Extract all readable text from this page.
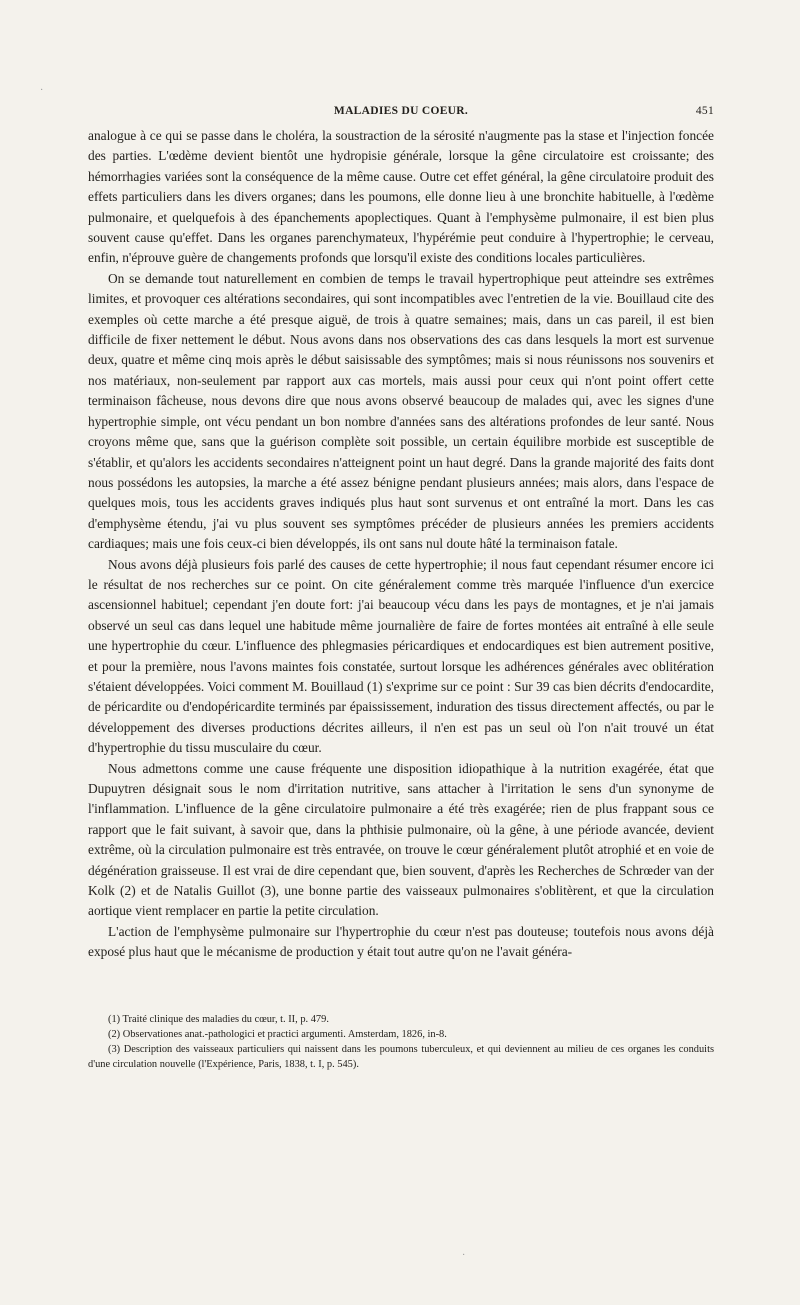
MALADIES DU COEUR.	451

analogue à ce qui se passe dans le choléra, la soustraction de la sérosité n'augmente pas la stase et l'injection foncée des parties. L'œdème devient bientôt une hydropisie générale, lorsque la gêne circulatoire est croissante; des hémorrhagies variées sont la conséquence de la même cause. Outre cet effet général, la gêne circulatoire produit des effets particuliers dans les divers organes; dans les poumons, elle donne lieu à une bronchite habituelle, à l'œdème pulmonaire, et quelquefois à des épanchements apoplectiques. Quant à l'emphysème pulmonaire, il est bien plus souvent cause qu'effet. Dans les organes parenchymateux, l'hypérémie peut conduire à l'hypertrophie; le cerveau, enfin, n'éprouve guère de changements profonds que lorsqu'il existe des conditions locales particulières.

On se demande tout naturellement en combien de temps le travail hypertrophique peut atteindre ses extrêmes limites, et provoquer ces altérations secondaires, qui sont incompatibles avec l'entretien de la vie. Bouillaud cite des exemples où cette marche a été presque aiguë, de trois à quatre semaines; mais, dans un cas pareil, il est bien difficile de fixer nettement le début. Nous avons dans nos observations des cas dans lesquels la mort est survenue deux, quatre et même cinq mois après le début saisissable des symptômes; mais si nous réunissons nos souvenirs et nos matériaux, non-seulement par rapport aux cas mortels, mais aussi pour ceux qui n'ont point offert cette terminaison fâcheuse, nous devons dire que nous avons observé beaucoup de malades qui, avec les signes d'une hypertrophie simple, ont vécu pendant un bon nombre d'années sans des altérations profondes de leur santé. Nous croyons même que, sans que la guérison complète soit possible, un certain équilibre morbide est susceptible de s'établir, et qu'alors les accidents secondaires n'atteignent point un haut degré. Dans la grande majorité des faits dont nous possédons les autopsies, la marche a été assez bénigne pendant plusieurs années; mais alors, dans l'espace de quelques mois, tous les accidents graves indiqués plus haut sont survenus et ont entraîné la mort. Dans les cas d'emphysème étendu, j'ai vu plus souvent ses symptômes précéder de plusieurs années les premiers accidents cardiaques; mais une fois ceux-ci bien développés, ils ont sans nul doute hâté la terminaison fatale.

Nous avons déjà plusieurs fois parlé des causes de cette hypertrophie; il nous faut cependant résumer encore ici le résultat de nos recherches sur ce point. On cite généralement comme très marquée l'influence d'un exercice ascensionnel habituel; cependant j'en doute fort: j'ai beaucoup vécu dans les pays de montagnes, et je n'ai jamais observé un seul cas dans lequel une habitude même journalière de faire de fortes montées ait entraîné à elle seule une hypertrophie du cœur. L'influence des phlegmasies péricardiques et endocardiques est bien autrement positive, et pour la première, nous l'avons maintes fois constatée, surtout lorsque les adhérences générales avec oblitération s'étaient développées. Voici comment M. Bouillaud (1) s'exprime sur ce point : Sur 39 cas bien décrits d'endocardite, de péricardite ou d'endopéricardite terminés par épaississement, induration des tissus directement affectés, ou par le développement des diverses productions décrites ailleurs, il n'en est pas un seul où l'on n'ait trouvé un état d'hypertrophie du tissu musculaire du cœur.

Nous admettons comme une cause fréquente une disposition idiopathique à la nutrition exagérée, état que Dupuytren désignait sous le nom d'irritation nutritive, sans attacher à l'irritation le sens d'un synonyme de l'inflammation. L'influence de la gêne circulatoire pulmonaire a été très exagérée; rien de plus frappant sous ce rapport que le fait suivant, à savoir que, dans la phthisie pulmonaire, où la gêne, à une période avancée, devient extrême, où la circulation pulmonaire est très entravée, on trouve le cœur généralement plutôt atrophié et en voie de dégénération graisseuse. Il est vrai de dire cependant que, bien souvent, d'après les Recherches de Schrœder van der Kolk (2) et de Natalis Guillot (3), une bonne partie des vaisseaux pulmonaires s'oblitèrent, et que la circulation aortique vient remplacer en partie la petite circulation.

L'action de l'emphysème pulmonaire sur l'hypertrophie du cœur n'est pas douteuse; toutefois nous avons déjà exposé plus haut que le mécanisme de production y était tout autre qu'on ne l'avait généra-

(1) Traité clinique des maladies du cœur, t. II, p. 479.

(2) Observationes anat.-pathologici et practici argumenti. Amsterdam, 1826, in-8.

(3) Description des vaisseaux particuliers qui naissent dans les poumons tuberculeux, et qui deviennent au milieu de ces organes les conduits d'une circulation nouvelle (l'Expérience, Paris, 1838, t. I, p. 545).

·
·
